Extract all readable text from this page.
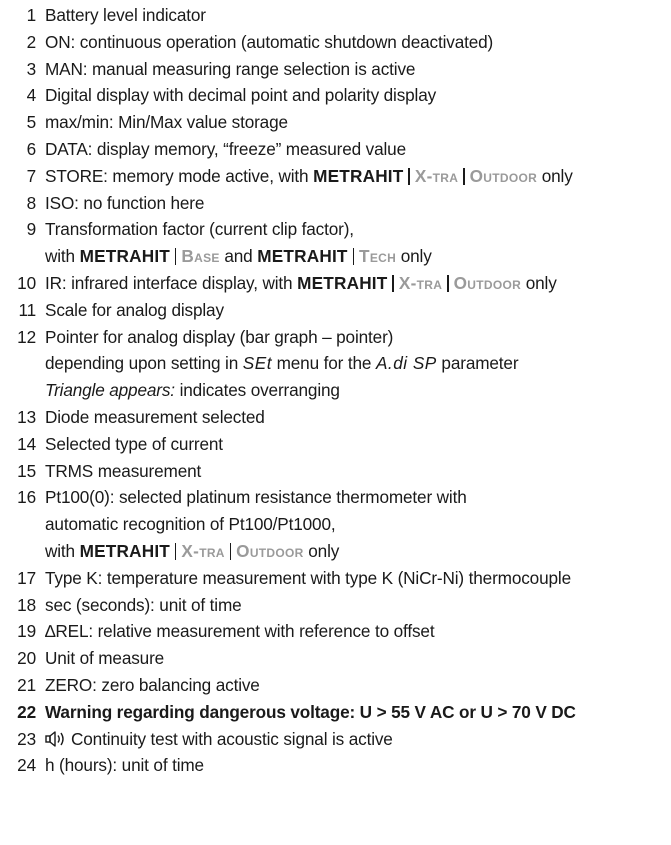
1 Battery level indicator
2 ON: continuous operation (automatic shutdown deactivated)
3 MAN: manual measuring range selection is active
4 Digital display with decimal point and polarity display
5 max/min: Min/Max value storage
6 DATA: display memory, “freeze” measured value
7 STORE: memory mode active, with METRAHIT X-tra Outdoor only
8 ISO: no function here
9 Transformation factor (current clip factor),
with METRAHIT Base and METRAHIT Tech only
10 IR: infrared interface display, with METRAHIT X-tra Outdoor only
11 Scale for analog display
12 Pointer for analog display (bar graph – pointer)
depending upon setting in SEt menu for the A.di SP parameter
Triangle appears: indicates overranging
13 Diode measurement selected
14 Selected type of current
15 TRMS measurement
16 Pt100(0): selected platinum resistance thermometer with
automatic recognition of Pt100/Pt1000,
with METRAHIT X-tra Outdoor only
17 Type K: temperature measurement with type K (NiCr-Ni) thermocouple
18 sec (seconds): unit of time
19 ∆REL: relative measurement with reference to offset
20 Unit of measure
21 ZERO: zero balancing active
22 Warning regarding dangerous voltage: U > 55 V AC or U > 70 V DC
23	Continuity test with acoustic signal is active
24 h (hours): unit of time
